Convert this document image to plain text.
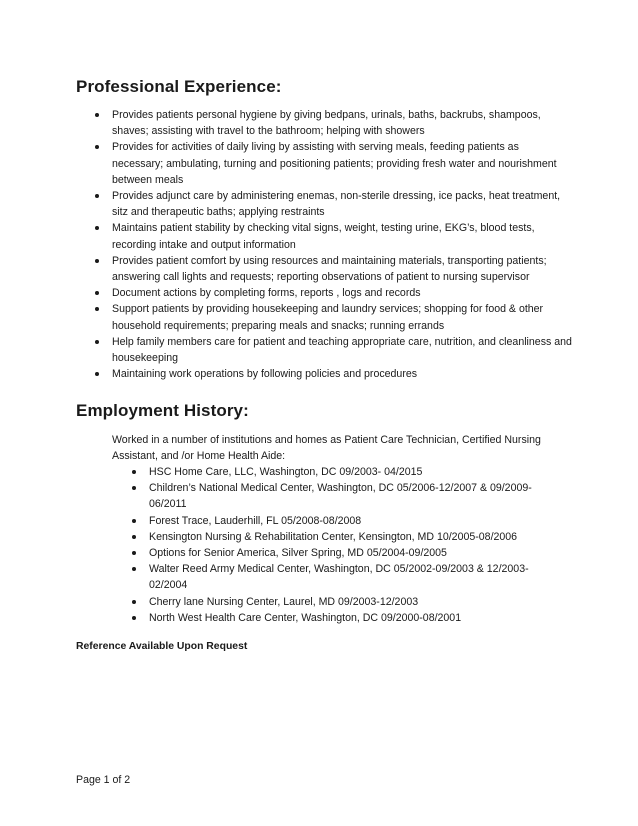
Professional Experience:
Provides patients personal hygiene by giving bedpans, urinals, baths, backrubs, shampoos, shaves; assisting with travel to the bathroom; helping with showers
Provides for activities of daily living by assisting with serving meals, feeding patients as necessary; ambulating, turning and positioning patients; providing fresh water and nourishment between meals
Provides adjunct care by administering enemas, non-sterile dressing, ice packs, heat treatment, sitz and therapeutic baths; applying restraints
Maintains patient stability by checking vital signs, weight, testing urine, EKG’s, blood tests, recording intake and output information
Provides patient comfort by using resources and maintaining materials, transporting patients; answering call lights and requests; reporting observations of patient to nursing supervisor
Document actions by completing forms, reports , logs and records
Support patients by providing housekeeping and laundry services; shopping for food & other household requirements; preparing meals and snacks; running errands
Help family members care for patient and teaching appropriate care, nutrition, and cleanliness and housekeeping
Maintaining work operations by following policies and procedures
Employment History:

Worked in a number of institutions and homes as Patient Care Technician, Certified Nursing Assistant, and /or Home Health Aide:

HSC Home Care, LLC, Washington, DC 09/2003- 04/2015
Children’s National Medical Center, Washington, DC 05/2006-12/2007 & 09/2009-06/2011
Forest Trace, Lauderhill, FL 05/2008-08/2008
Kensington Nursing & Rehabilitation Center, Kensington, MD 10/2005-08/2006
Options for Senior America, Silver Spring, MD 05/2004-09/2005
Walter Reed Army Medical Center, Washington, DC 05/2002-09/2003 & 12/2003-02/2004
Cherry lane Nursing Center, Laurel, MD 09/2003-12/2003
North West Health Care Center, Washington, DC 09/2000-08/2001

Reference Available Upon Request

Page 1 of 2
